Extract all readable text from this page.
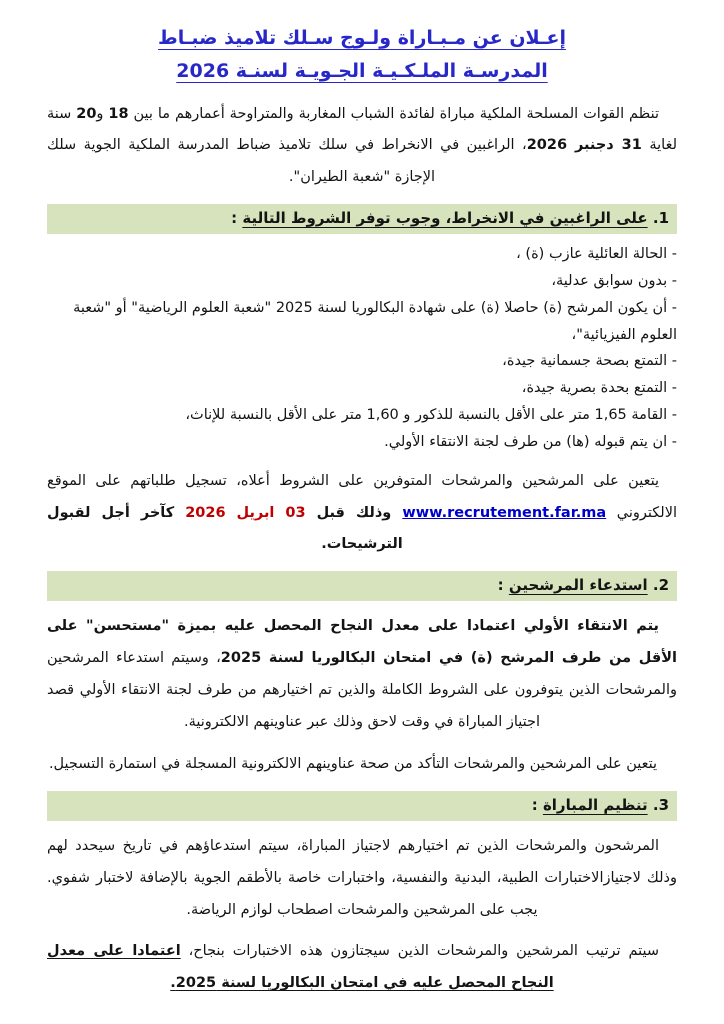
إعـلان عن مـبـاراة ولـوج سـلك تلاميذ ضبـاط
المدرسـة الملـكـيـة الجـويـة لسنـة 2026

تنظم القوات المسلحة الملكية مباراة لفائدة الشباب المغاربة والمتراوحة أعمارهم ما بين 18 و20 سنة لغاية 31 دجنبر 2026، الراغبين في الانخراط في سلك تلاميذ ضباط المدرسة الملكية الجوية سلك الإجازة "شعبة الطيران".

1. على الراغبين في الانخراط، وجوب توفر الشروط التالية :
- الحالة العائلية عازب (ة) ،
- بدون سوابق عدلية،
- أن يكون المرشح (ة) حاصلا (ة) على شهادة البكالوريا لسنة 2025 "شعبة العلوم الرياضية" أو "شعبة العلوم الفيزيائية"،
- التمتع بصحة جسمانية جيدة،
- التمتع بحدة بصرية جيدة،
- القامة 1,65 متر على الأقل بالنسبة للذكور و 1,60 متر على الأقل بالنسبة للإناث،
- ان يتم قبوله (ها) من طرف لجنة الانتقاء الأولي.

يتعين على المرشحين والمرشحات المتوفرين على الشروط أعلاه، تسجيل طلباتهم على الموقع الالكتروني www.recrutement.far.ma وذلك قبل 03 ابريل 2026 كآخر أجل لقبول الترشيحات.

2. استدعاء المرشحين :

يتم الانتقاء الأولي اعتمادا على معدل النجاح المحصل عليه بميزة "مستحسن" على الأقل من طرف المرشح (ة) في امتحان البكالوريا لسنة 2025، وسيتم استدعاء المرشحين والمرشحات الذين يتوفرون على الشروط الكاملة والذين تم اختيارهم من طرف لجنة الانتقاء الأولي قصد اجتياز المباراة في وقت لاحق وذلك عبر عناوينهم الالكترونية.

يتعين على المرشحين والمرشحات التأكد من صحة عناوينهم الالكترونية المسجلة في استمارة التسجيل.

3. تنظيم المباراة :

المرشحون والمرشحات الذين تم اختيارهم لاجتياز المباراة، سيتم استدعاؤهم في تاريخ سيحدد لهم وذلك لاجتيازالاختبارات الطبية، البدنية والنفسية، واختبارات خاصة بالأطقم الجوية بالإضافة لاختبار شفوي. يجب على المرشحين والمرشحات اصطحاب لوازم الرياضة.

سيتم ترتيب المرشحين والمرشحات الذين سيجتازون هذه الاختبارات بنجاح، اعتمادا على معدل النجاح المحصل عليه في امتحان البكالوريا لسنة 2025.
